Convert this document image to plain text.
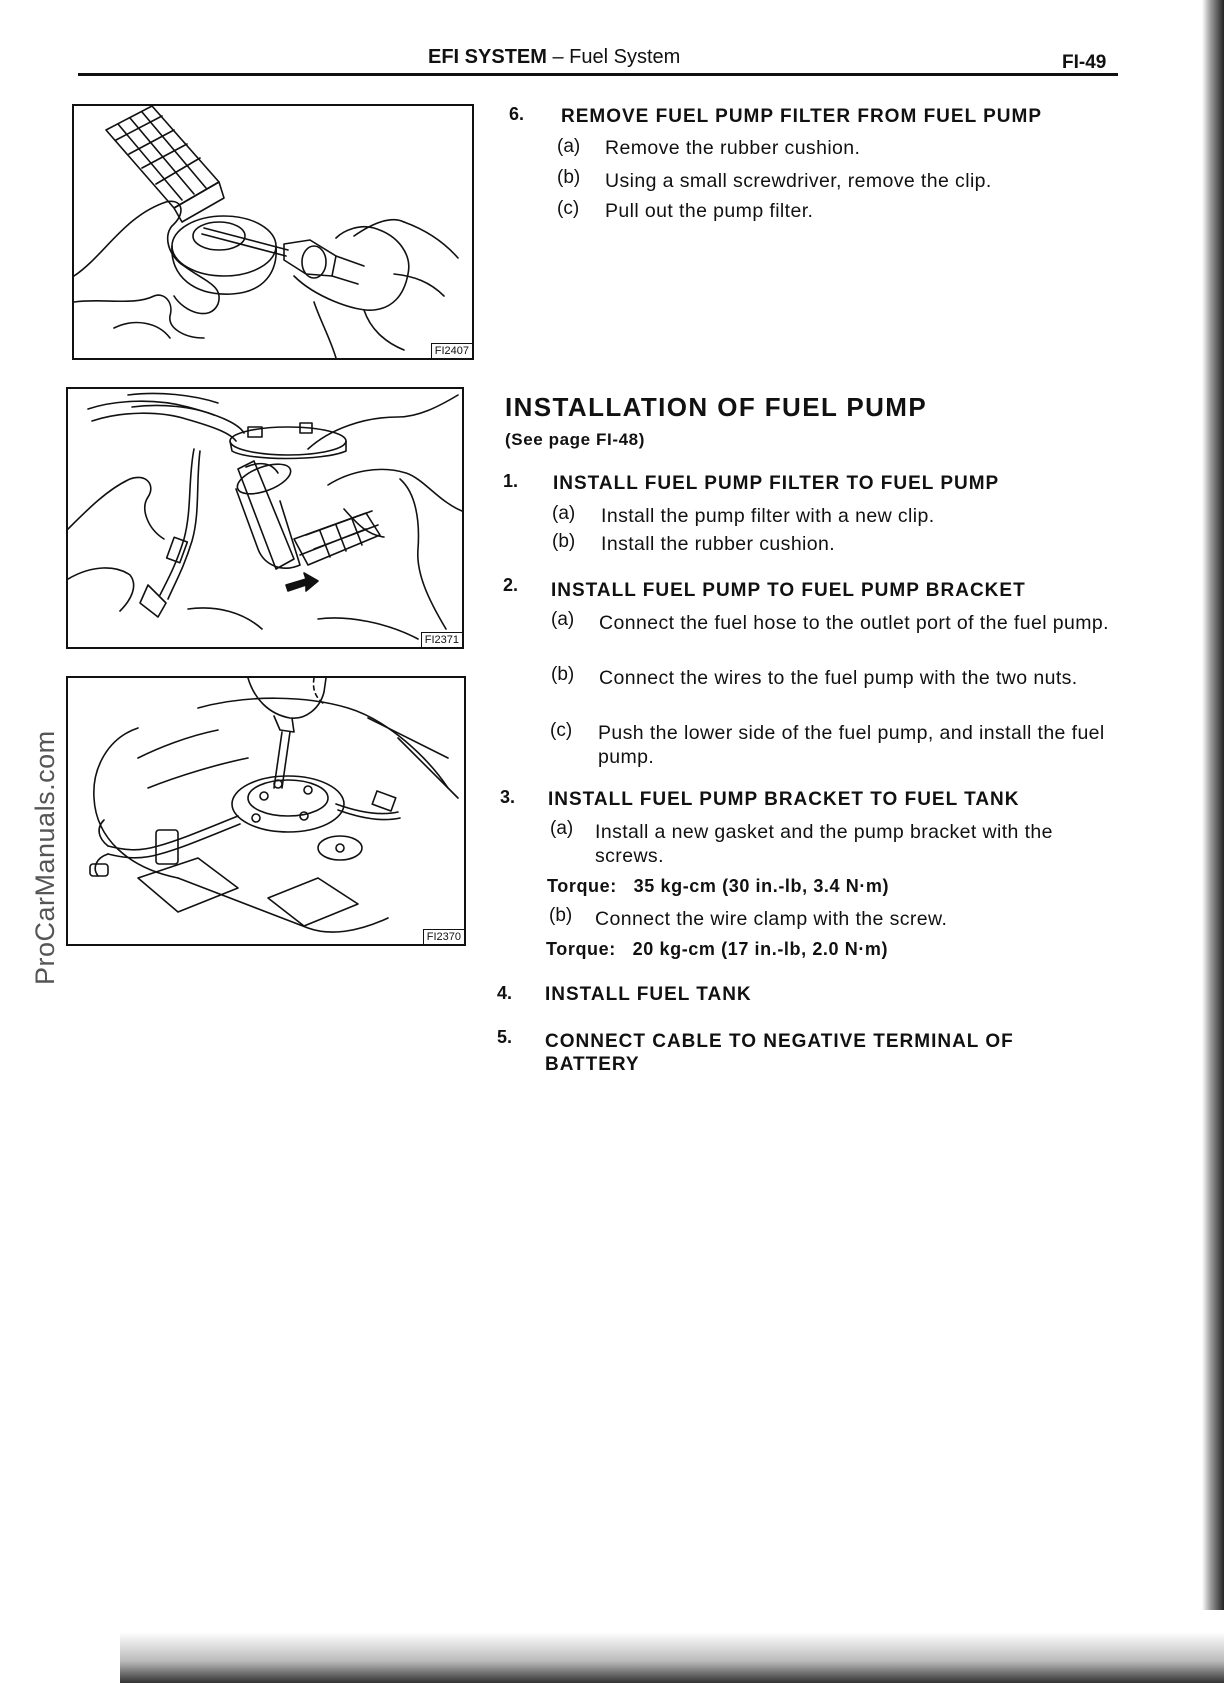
EFI SYSTEM – Fuel System	FI-49
ProCarManuals.com
FI2407
FI2371
FI2370
6. REMOVE FUEL PUMP FILTER FROM FUEL PUMP
(a) Remove the rubber cushion.
(b) Using a small screwdriver, remove the clip.
(c) Pull out the pump filter.
INSTALLATION OF FUEL PUMP
(See page FI-48)
1. INSTALL FUEL PUMP FILTER TO FUEL PUMP
(a) Install the pump filter with a new clip.
(b) Install the rubber cushion.
2. INSTALL FUEL PUMP TO FUEL PUMP BRACKET
(a) Connect the fuel hose to the outlet port of the fuel pump.
(b) Connect the wires to the fuel pump with the two nuts.
(c) Push the lower side of the fuel pump, and install the fuel pump.
3. INSTALL FUEL PUMP BRACKET TO FUEL TANK
(a) Install a new gasket and the pump bracket with the screws.
Torque: 35 kg-cm (30 in.-lb, 3.4 N·m)
(b) Connect the wire clamp with the screw.
Torque: 20 kg-cm (17 in.-lb, 2.0 N·m)
4. INSTALL FUEL TANK
5. CONNECT CABLE TO NEGATIVE TERMINAL OF BATTERY
